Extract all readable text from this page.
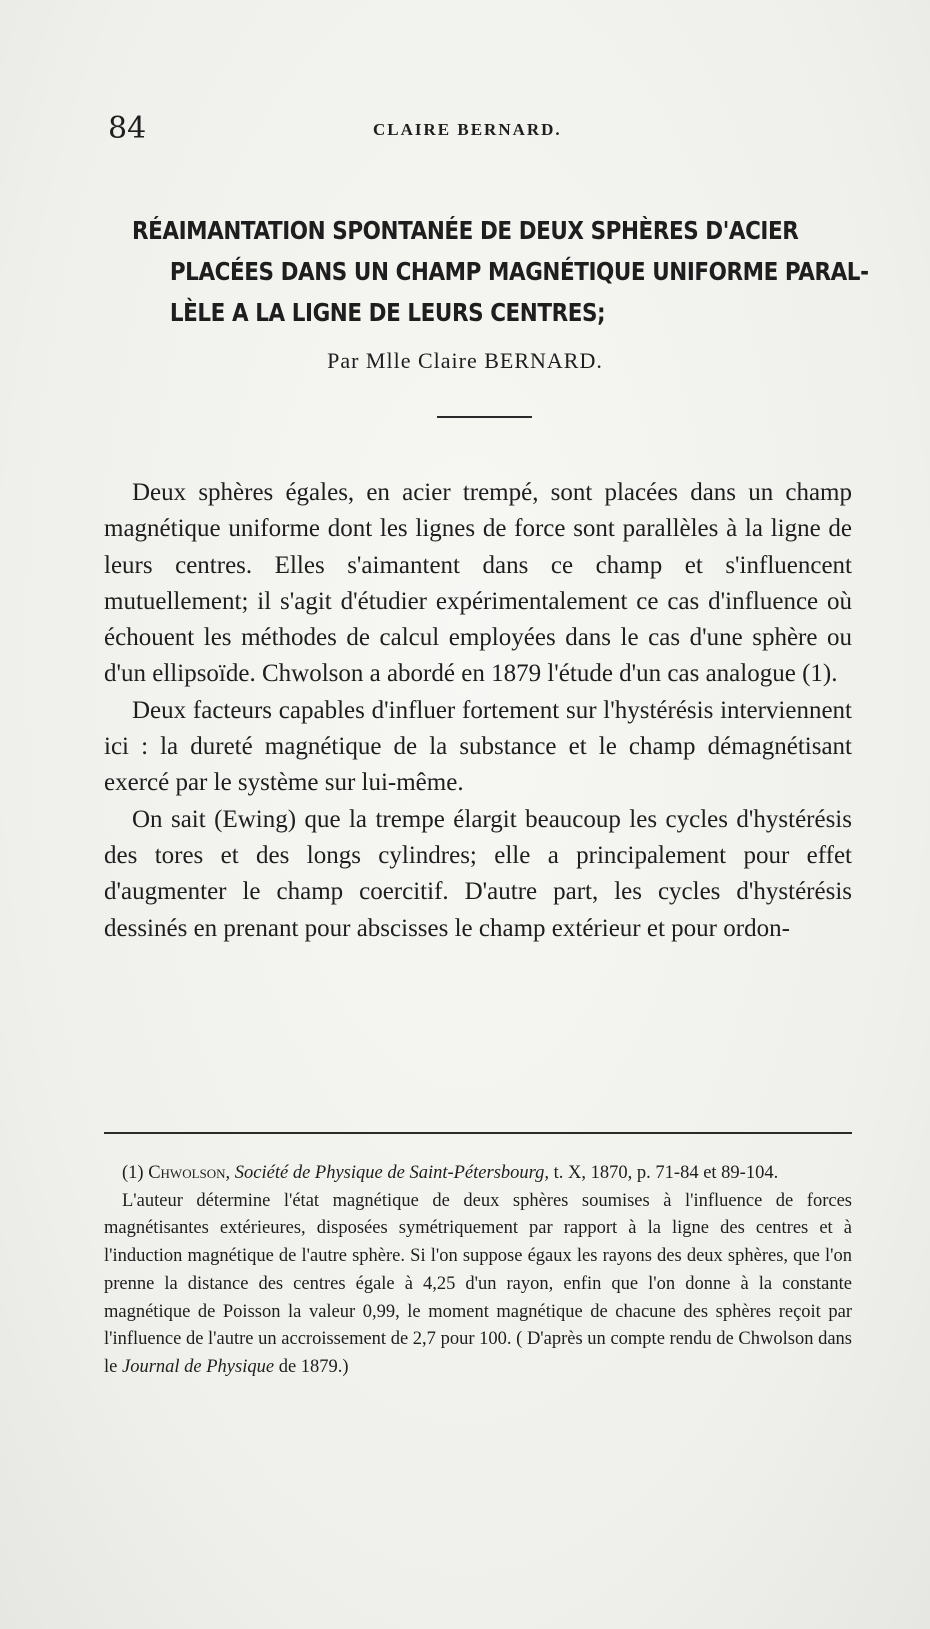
84	CLAIRE BERNARD.
RÉAIMANTATION SPONTANÉE DE DEUX SPHÈRES D'ACIER
PLACÉES DANS UN CHAMP MAGNÉTIQUE UNIFORME PARAL-
LÈLE A LA LIGNE DE LEURS CENTRES;
Par Mlle Claire BERNARD.

Deux sphères égales, en acier trempé, sont placées dans un champ magnétique uniforme dont les lignes de force sont parallèles à la ligne de leurs centres. Elles s'aimantent dans ce champ et s'influencent mutuellement; il s'agit d'étudier expérimentalement ce cas d'influence où échouent les méthodes de calcul employées dans le cas d'une sphère ou d'un ellipsoïde. Chwolson a abordé en 1879 l'étude d'un cas analogue (1).

Deux facteurs capables d'influer fortement sur l'hystérésis interviennent ici : la dureté magnétique de la substance et le champ démagnétisant exercé par le système sur lui-même.

On sait (Ewing) que la trempe élargit beaucoup les cycles d'hystérésis des tores et des longs cylindres; elle a principalement pour effet d'augmenter le champ coercitif. D'autre part, les cycles d'hystérésis dessinés en prenant pour abscisses le champ extérieur et pour ordon-

(1) Chwolson, Société de Physique de Saint-Pétersbourg, t. X, 1870, p. 71-84 et 89-104.

L'auteur détermine l'état magnétique de deux sphères soumises à l'influence de forces magnétisantes extérieures, disposées symétriquement par rapport à la ligne des centres et à l'induction magnétique de l'autre sphère. Si l'on suppose égaux les rayons des deux sphères, que l'on prenne la distance des centres égale à 4,25 d'un rayon, enfin que l'on donne à la constante magnétique de Poisson la valeur 0,99, le moment magnétique de chacune des sphères reçoit par l'influence de l'autre un accroissement de 2,7 pour 100. ( D'après un compte rendu de Chwolson dans le Journal de Physique de 1879.)
